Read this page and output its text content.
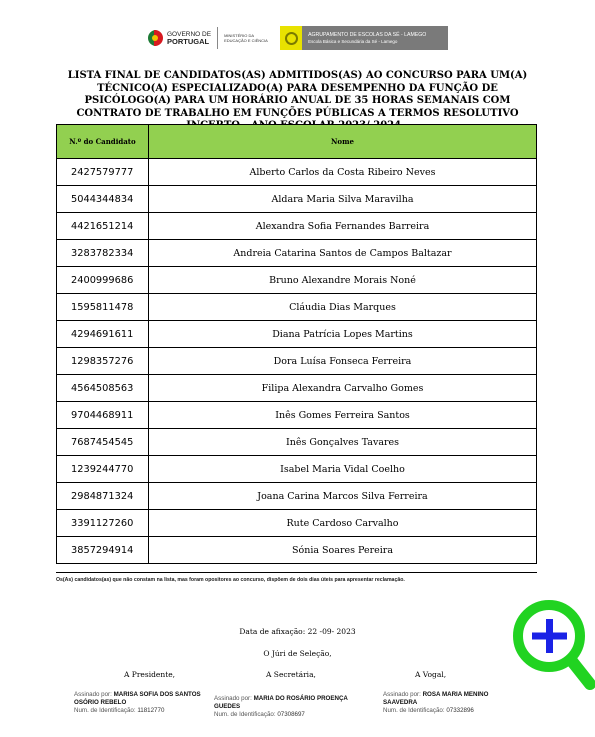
GOVERNO DE
PORTUGAL
MINISTÉRIO DA EDUCAÇÃO E CIÊNCIA
AGRUPAMENTO DE ESCOLAS DA SÉ - LAMEGO
Escola Básica e Secundária da Sé - Lamego
LISTA FINAL DE CANDIDATOS(AS) ADMITIDOS(AS) AO CONCURSO PARA UM(A) TÉCNICO(A) ESPECIALIZADO(A) PARA DESEMPENHO DA FUNÇÃO DE PSICÓLOGO(A) PARA UM HORÁRIO ANUAL DE 35 HORAS SEMANAIS COM CONTRATO DE TRABALHO EM FUNÇÕES PÚBLICAS A TERMOS RESOLUTIVO
N.º do Candidato	Nome
2427579777	Alberto Carlos da Costa Ribeiro Neves
5044344834	Aldara Maria Silva Maravilha
4421651214	Alexandra Sofia Fernandes Barreira
3283782334	Andreia Catarina Santos de Campos Baltazar
2400999686	Bruno Alexandre Morais Noné
1595811478	Cláudia Dias Marques
4294691611	Diana Patrícia Lopes Martins
1298357276	Dora Luísa Fonseca Ferreira
4564508563	Filipa Alexandra Carvalho Gomes
9704468911	Inês Gomes Ferreira Santos
7687454545	Inês Gonçalves Tavares
1239244770	Isabel Maria Vidal Coelho
2984871324	Joana Carina Marcos Silva Ferreira
3391127260	Rute Cardoso Carvalho
3857294914	Sónia Soares Pereira
Os(As) candidatos(as) que não constam na lista, mas foram opositores ao concurso, dispõem de dois dias úteis para apresentar reclamação.
Data de afixação: 22 -09- 2023
O Júri de Seleção,
A Presidente,	A Secretária,	A Vogal,
Assinado por: MARISA SOFIA DOS SANTOS OSÓRIO REBELO
Num. de Identificação: 11812770
Assinado por: MARIA DO ROSÁRIO PROENÇA GUEDES
Num. de Identificação: 07308697
Assinado por: ROSA MARIA MENINO SAAVEDRA
Num. de Identificação: 07332896
